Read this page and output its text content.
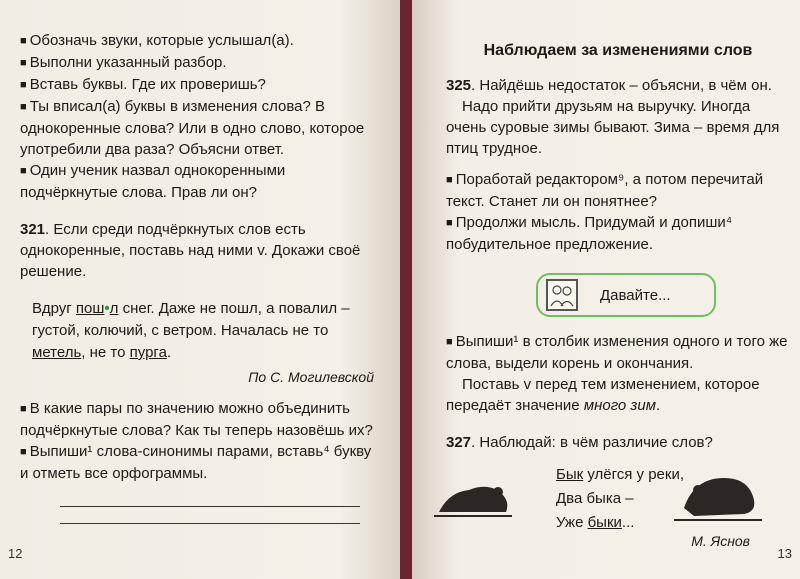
■ Обозначь звуки, которые услышал(а).

■ Выполни указанный разбор.

■ Вставь буквы. Где их проверишь?

■ Ты вписал(а) буквы в изменения слова? В однокоренные слова? Или в одно слово, которое употребили два раза? Объясни ответ.

■ Один ученик назвал однокоренными подчёркнутые слова. Прав ли он?

321. Если среди подчёркнутых слов есть однокоренные, поставь над ними v. Докажи своё решение.

Вдруг пош•л снег. Даже не пошл, а повалил – густой, колючий, с ветром. Началась не то метель, не то пурга.

По С. Могилевской

■ В какие пары по значению можно объединить подчёркнутые слова? Как ты теперь назовёшь их?

■ Выпиши¹ слова-синонимы парами, вставь⁴ букву и отметь все орфограммы.

12

Наблюдаем за изменениями слов

325. Найдёшь недостаток – объясни, в чём он.

Надо прийти друзьям на выручку. Иногда очень суровые зимы бывают. Зима – время для птиц трудное.

■ Поработай редактором⁹, а потом перечитай текст. Станет ли он понятнее?

■ Продолжи мысль. Придумай и допиши⁴ побудительное предложение.

Давайте...

■ Выпиши¹ в столбик изменения одного и того же слова, выдели корень и окончания.

Поставь v перед тем изменением, которое передаёт значение много зим.

327. Наблюдай: в чём различие слов?

Бык улёгся у реки,
Два быка –
Уже быки...

М. Яснов

13
